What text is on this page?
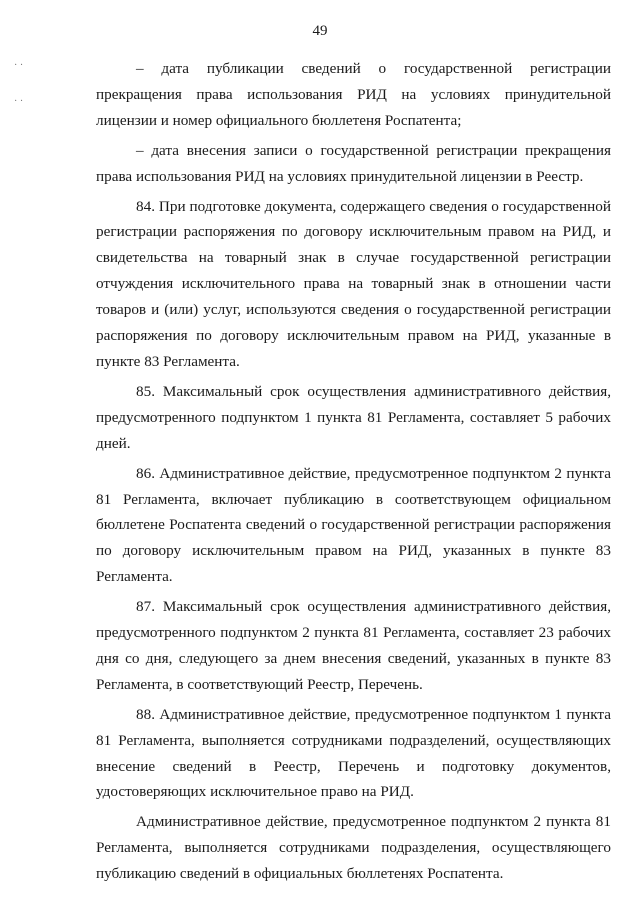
49
· ·
· ·

– дата публикации сведений о государственной регистрации прекращения права использования РИД на условиях принудительной лицензии и номер официального бюллетеня Роспатента;

– дата внесения записи о государственной регистрации прекращения права использования РИД на условиях принудительной лицензии в Реестр.

84. При подготовке документа, содержащего сведения о государственной регистрации распоряжения по договору исключительным правом на РИД, и свидетельства на товарный знак в случае государственной регистрации отчуждения исключительного права на товарный знак в отношении части товаров и (или) услуг, используются сведения о государственной регистрации распоряжения по договору исключительным правом на РИД, указанные в пункте 83 Регламента.

85. Максимальный срок осуществления административного действия, предусмотренного подпунктом 1 пункта 81 Регламента, составляет 5 рабочих дней.

86. Административное действие, предусмотренное подпунктом 2 пункта 81 Регламента, включает публикацию в соответствующем официальном бюллетене Роспатента сведений о государственной регистрации распоряжения по договору исключительным правом на РИД, указанных в пункте 83 Регламента.

87. Максимальный срок осуществления административного действия, предусмотренного подпунктом 2 пункта 81 Регламента, составляет 23 рабочих дня со дня, следующего за днем внесения сведений, указанных в пункте 83 Регламента, в соответствующий Реестр, Перечень.

88. Административное действие, предусмотренное подпунктом 1 пункта 81 Регламента, выполняется сотрудниками подразделений, осуществляющих внесение сведений в Реестр, Перечень и подготовку документов, удостоверяющих исключительное право на РИД.

Административное действие, предусмотренное подпунктом 2 пункта 81 Регламента, выполняется сотрудниками подразделения, осуществляющего публикацию сведений в официальных бюллетенях Роспатента.
